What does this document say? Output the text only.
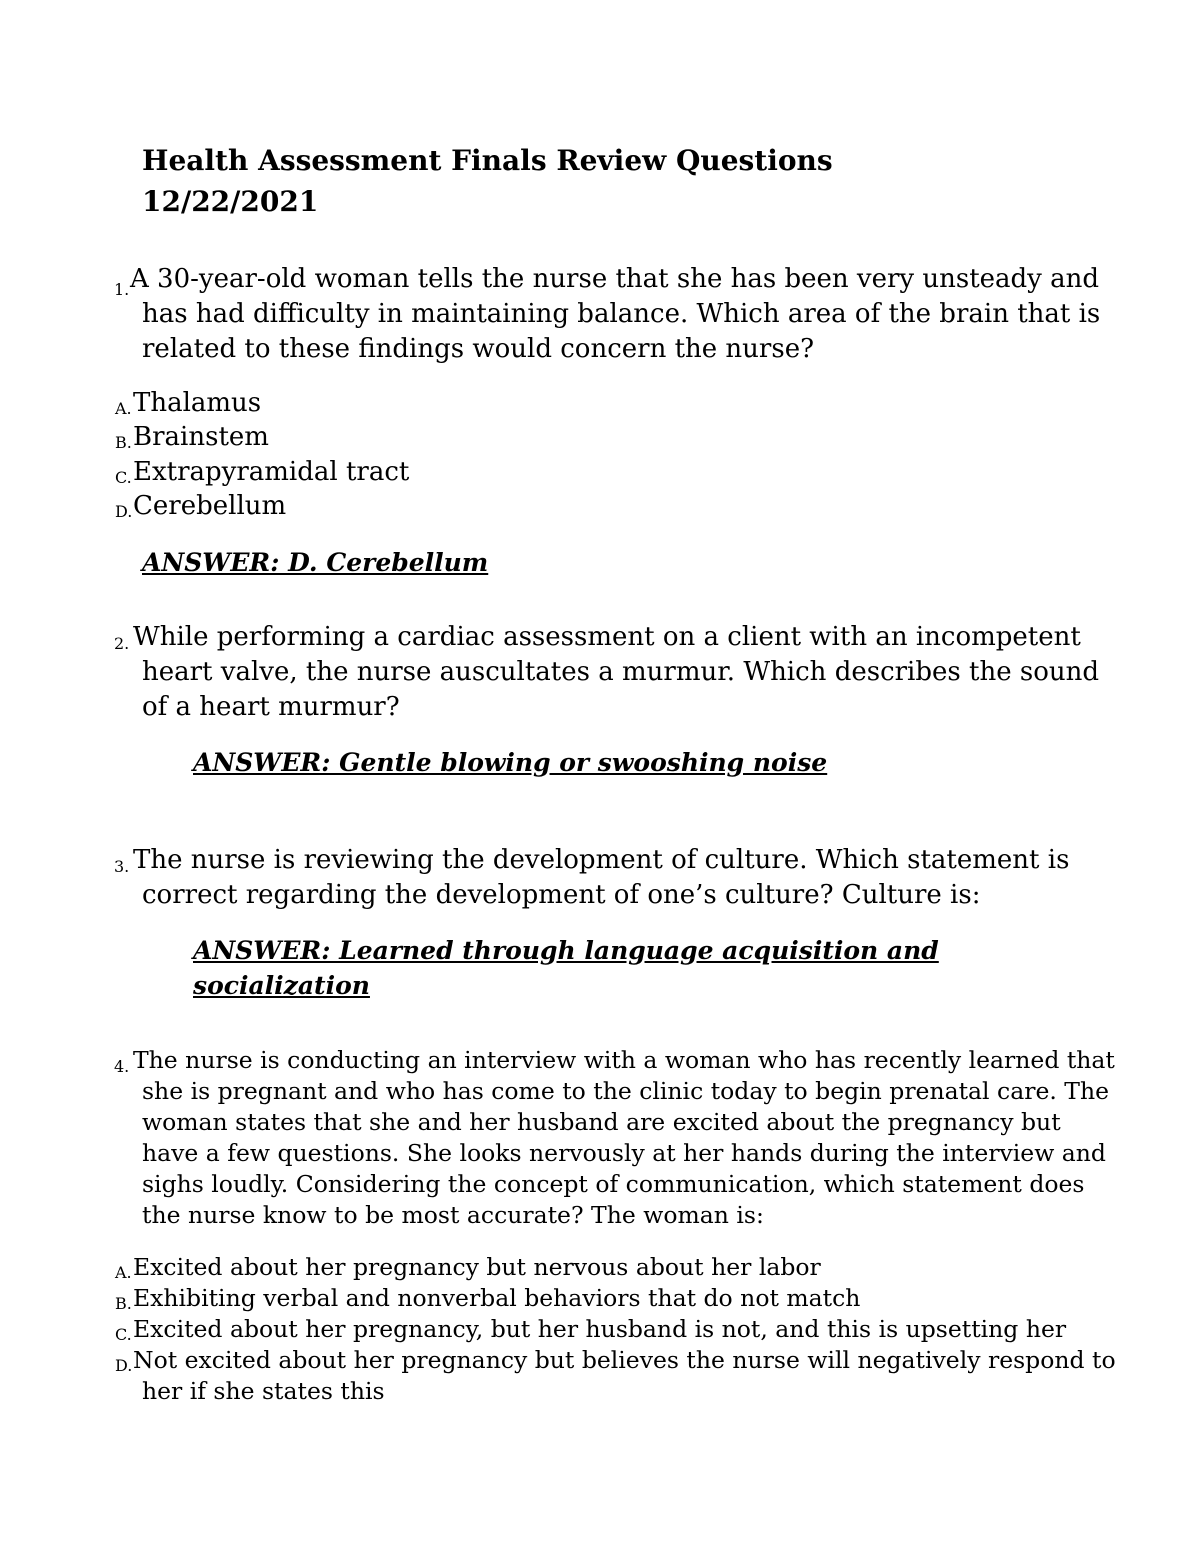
Health Assessment Finals Review Questions
12/22/2021
1. A 30-year-old woman tells the nurse that she has been very unsteady and
has had difficulty in maintaining balance. Which area of the brain that is
related to these findings would concern the nurse?
A. Thalamus
B. Brainstem
C. Extrapyramidal tract
D. Cerebellum
ANSWER: D. Cerebellum
2. While performing a cardiac assessment on a client with an incompetent
heart valve, the nurse auscultates a murmur. Which describes the sound
of a heart murmur?
ANSWER: Gentle blowing or swooshing noise
3. The nurse is reviewing the development of culture. Which statement is
correct regarding the development of one’s culture? Culture is:
ANSWER: Learned through language acquisition and
socialization
4. The nurse is conducting an interview with a woman who has recently learned that
she is pregnant and who has come to the clinic today to begin prenatal care. The
woman states that she and her husband are excited about the pregnancy but
have a few questions. She looks nervously at her hands during the interview and
sighs loudly. Considering the concept of communication, which statement does
the nurse know to be most accurate? The woman is:
A. Excited about her pregnancy but nervous about her labor
B. Exhibiting verbal and nonverbal behaviors that do not match
C. Excited about her pregnancy, but her husband is not, and this is upsetting her
D. Not excited about her pregnancy but believes the nurse will negatively respond to
her if she states this
